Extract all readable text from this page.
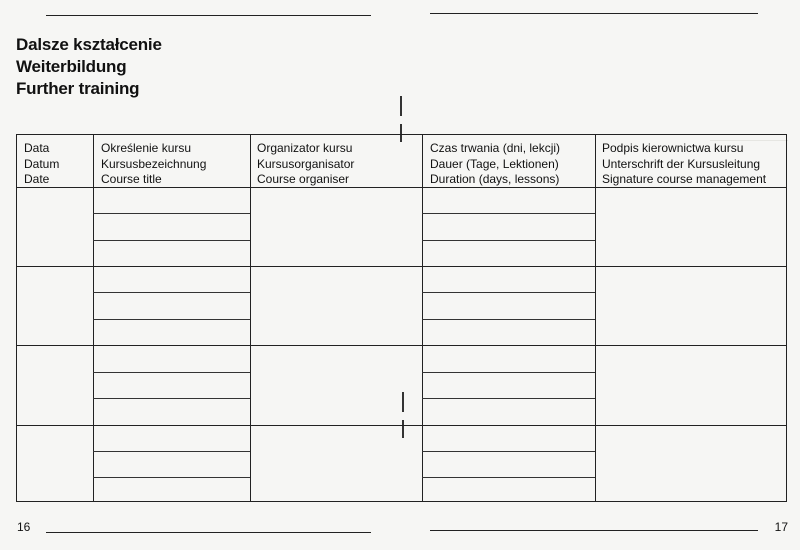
Dalsze kształcenie
Weiterbildung
Further training
Data
Datum
Date
Określenie kursu
Kursusbezeichnung
Course title
Organizator kursu
Kursusorganisator
Course organiser
Czas trwania (dni, lekcji)
Dauer (Tage, Lektionen)
Duration (days, lessons)
Podpis kierownictwa kursu
Unterschrift der Kursusleitung
Signature course management
16	17
